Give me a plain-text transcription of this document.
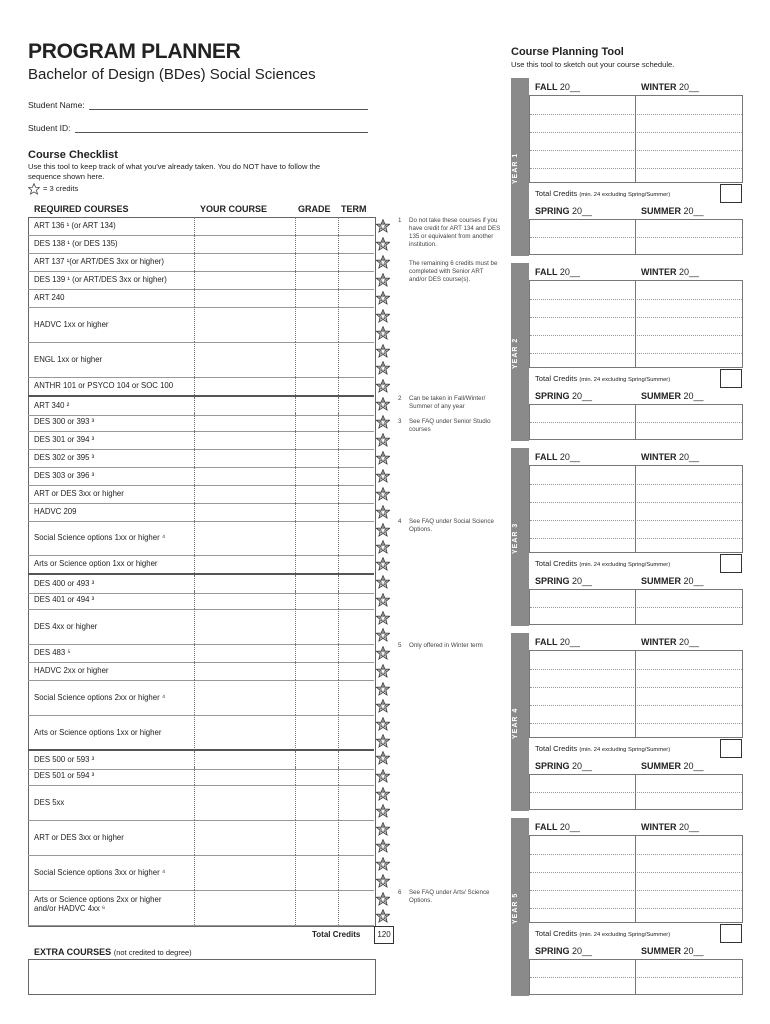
PROGRAM PLANNER
Bachelor of Design (BDes) Social Sciences
Student Name:
Student ID:
Course Checklist
Use this tool to keep track of what you've already taken. You do NOT have to follow the
sequence shown here.
= 3 credits
REQUIRED COURSES	YOUR COURSE	GRADE TERM
ART 136 ¹ (or ART 134)
DES 138 ¹ (or DES 135)
ART 137 ¹(or ART/DES 3xx or higher)
DES 139 ¹ (or ART/DES 3xx or higher)
ART 240
HADVC 1xx or higher
ENGL 1xx or higher
ANTHR 101 or PSYCO 104 or SOC 100
ART 340 ²
DES 300 or 393 ³
DES 301 or 394 ³
DES 302 or 395 ³
DES 303 or 396 ³
ART or DES 3xx or higher
HADVC 209
Social Science options 1xx or higher ⁴
Arts or Science option 1xx or higher
DES 400 or 493 ³
DES 401 or 494 ³
DES 4xx or higher
DES 483 ⁵
HADVC 2xx or higher
Social Science options 2xx or higher ⁴
Arts or Science options 1xx or higher
DES 500 or 593 ³
DES 501 or 594 ³
DES 5xx
ART or DES 3xx or higher
Social Science options 3xx or higher ⁴
Arts or Science options 2xx or higher
and/or HADVC 4xx ⁶
Total Credits	120
EXTRA COURSES (not credited to degree)
1 Do not take these courses if you have credit for ART 134 and DES 135 or equivalent from another institution.
The remaining 6 credits must be completed with Senior ART and/or DES course(s).
2 Can be taken in Fall/Winter/ Summer of any year
3 See FAQ under Senior Studio courses
4 See FAQ under Social Science Options.
5 Only offered in Winter term
6 See FAQ under Arts/ Science Options.
Course Planning Tool
Use this tool to sketch out your course schedule.
YEAR 1
FALL 20__	WINTER 20__
Total Credits (min. 24 excluding Spring/Summer)
SPRING 20__	SUMMER 20__
YEAR 2
FALL 20__	WINTER 20__
Total Credits (min. 24 excluding Spring/Summer)
SPRING 20__	SUMMER 20__
YEAR 3
FALL 20__	WINTER 20__
Total Credits (min. 24 excluding Spring/Summer)
SPRING 20__	SUMMER 20__
YEAR 4
FALL 20__	WINTER 20__
Total Credits (min. 24 excluding Spring/Summer)
SPRING 20__	SUMMER 20__
YEAR 5
FALL 20__	WINTER 20__
Total Credits (min. 24 excluding Spring/Summer)
SPRING 20__	SUMMER 20__
